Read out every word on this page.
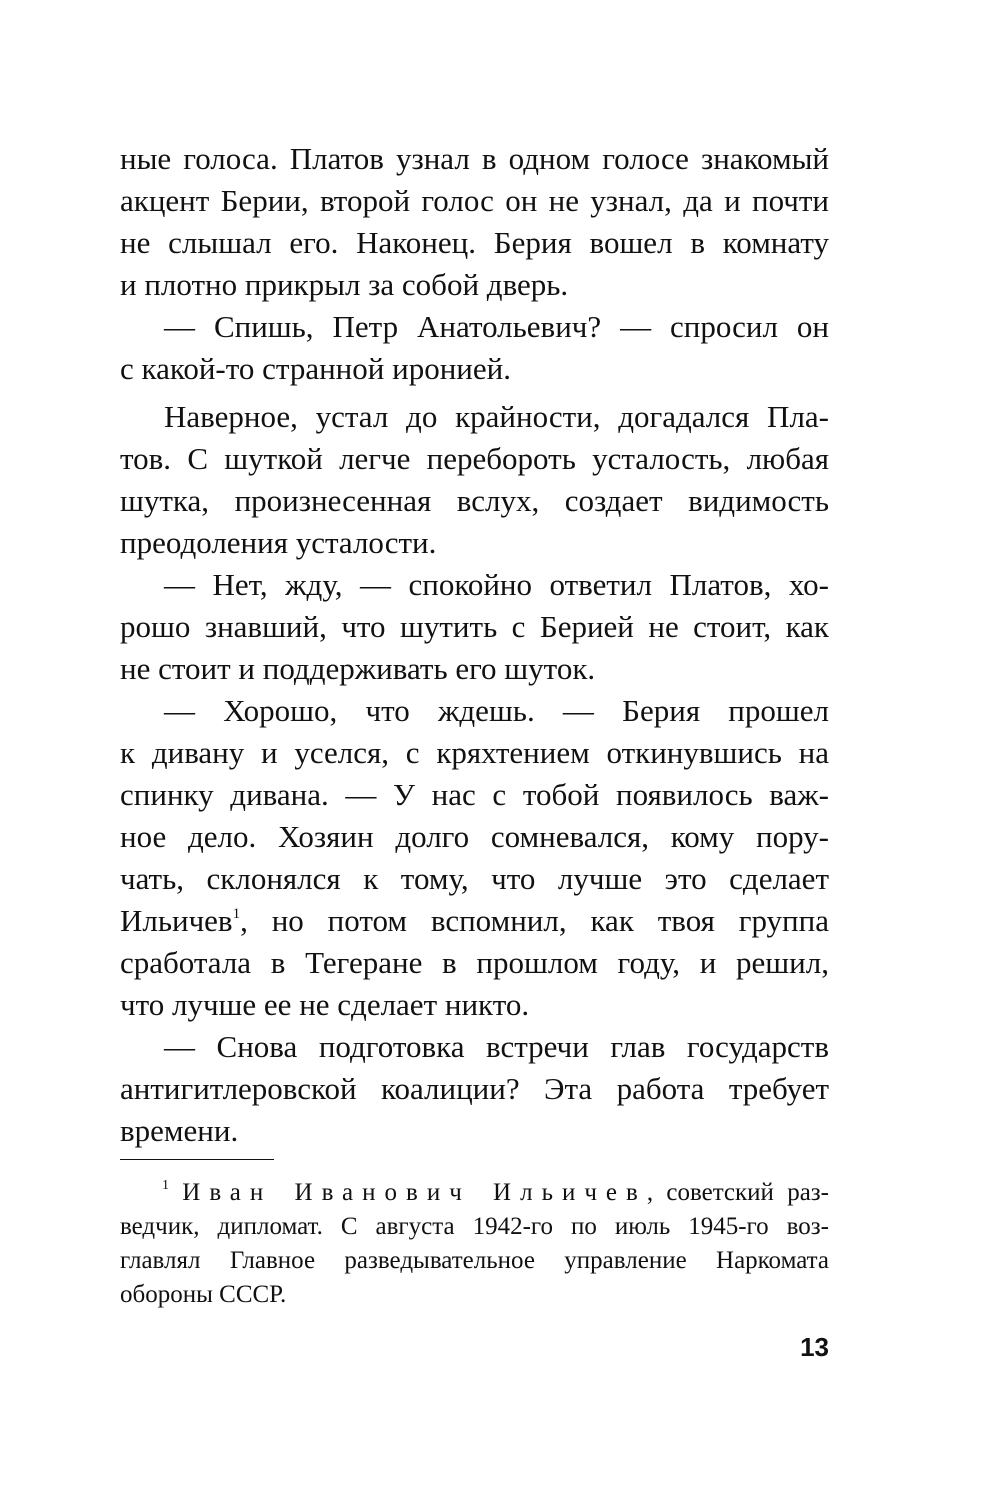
ные голоса. Платов узнал в одном голосе знакомый

акцент Берии, второй голос он не узнал, да и почти

не слышал его. Наконец. Берия вошел в комнату

и плотно прикрыл за собой дверь.

— Спишь, Петр Анатольевич? — спросил он

с какой-то странной иронией.

Наверное, устал до крайности, догадался Пла-

тов. С шуткой легче перебороть усталость, любая

шутка, произнесенная вслух, создает видимость

преодоления усталости.

— Нет, жду, — спокойно ответил Платов, хо-

рошо знавший, что шутить с Берией не стоит, как

не стоит и поддерживать его шуток.

— Хорошо, что ждешь. — Берия прошел

к дивану и уселся, с кряхтением откинувшись на

спинку дивана. — У нас с тобой появилось важ-

ное дело. Хозяин долго сомневался, кому пору-

чать, склонялся к тому, что лучше это сделает

Ильичев$^1$, но потом вспомнил, как твоя группа

сработала в Тегеране в прошлом году, и решил,

что лучше ее не сделает никто.

— Снова подготовка встречи глав государств

антигитлеровской коалиции? Эта работа требует

времени.

$^1$ Иван Иванович Ильичев, советский раз-

ведчик, дипломат. С августа 1942-го по июль 1945-го воз-

главлял Главное разведывательное управление Наркомата

обороны СССР.

13
